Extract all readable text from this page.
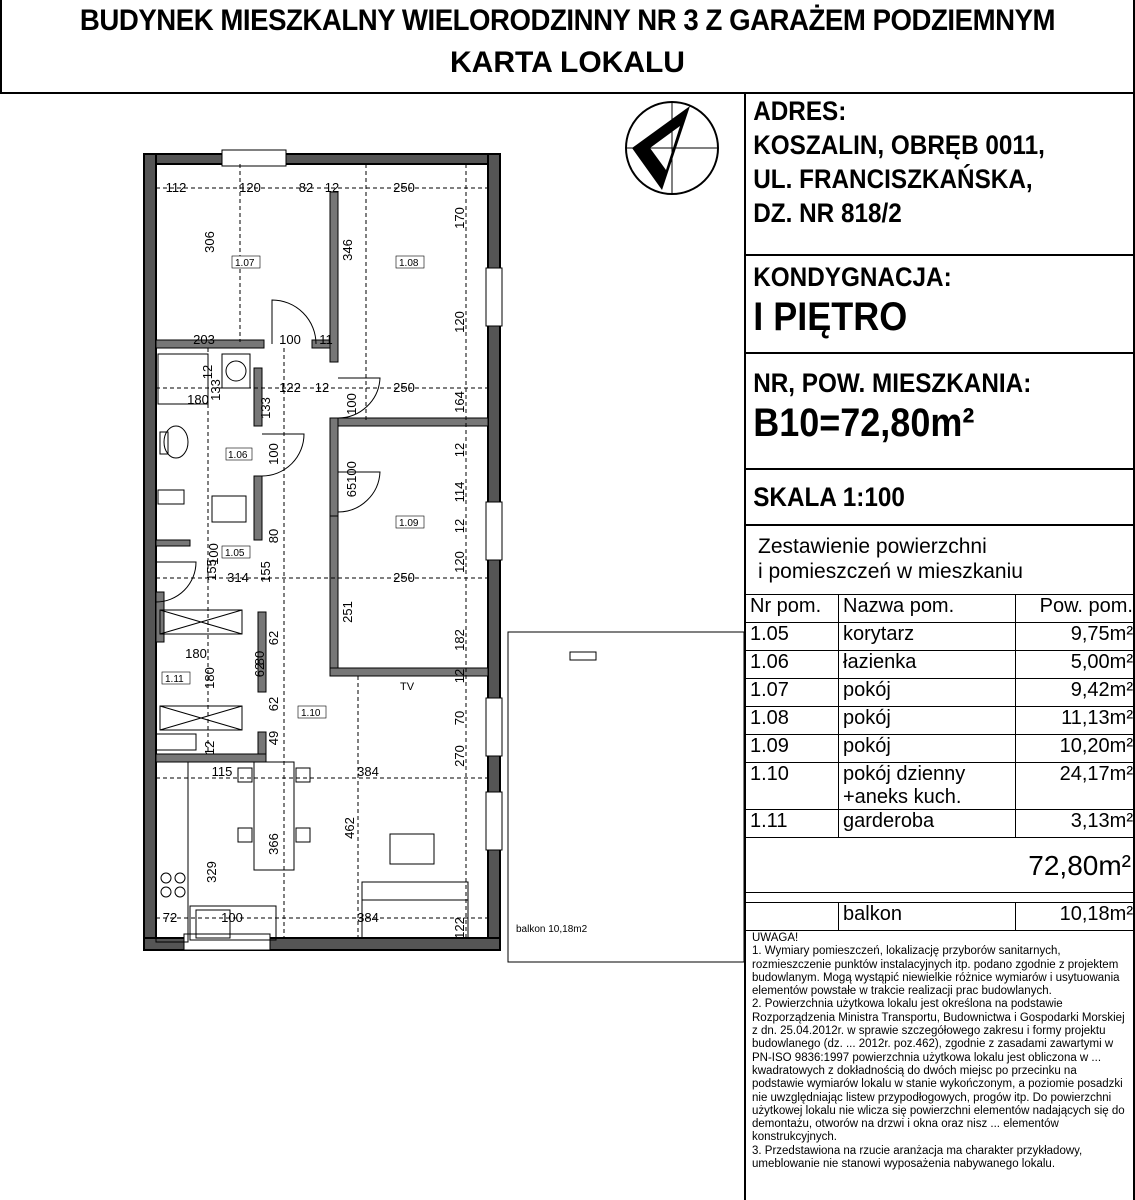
BUDYNEK MIESZKALNY WIELORODZINNY NR 3 Z GARAŻEM PODZIEMNYM
KARTA LOKALU
1.07	1.08
1.06
1.09
1.05
1.11
1.10
TV
balkon 10,18m2
112	120	82 12	250
306	346
170
120
203	100 11
12
180 133
133
122 12	250
164
100
12
100
100
65	114
12
120
80
100
155 314 155	250
251
182
12
62
180
180
80
62
49
12
70
115	384
270
329
366
462
72	100	384	122
62
ADRES:
KOSZALIN, OBRĘB 0011,
UL. FRANCISZKAŃSKA,
DZ. NR 818/2
KONDYGNACJA:
I PIĘTRO
NR, POW. MIESZKANIA:
B10=72,80m²
SKALA 1:100
Zestawienie powierzchni
i pomieszczeń w mieszkaniu
Nr pom.	Nazwa pom.	Pow. pom.
1.05	korytarz	9,75m²
1.06	łazienka	5,00m²
1.07	pokój	9,42m²
1.08	pokój	11,13m²
1.09	pokój	10,20m²
1.10	pokój dzienny
+aneks kuch.	24,17m²
1.11	garderoba	3,13m²
72,80m²
	balkon	10,18m²
UWAGA!
1. Wymiary pomieszczeń, lokalizację przyborów sanitarnych, rozmieszczenie punktów instalacyjnych itp. podano zgodnie z projektem budowlanym. Mogą wystąpić niewielkie różnice wymiarów i usytuowania elementów powstałe w trakcie realizacji prac budowlanych.
2. Powierzchnia użytkowa lokalu jest określona na podstawie Rozporządzenia Ministra Transportu, Budownictwa i Gospodarki Morskiej z dn. 25.04.2012r. w sprawie szczegółowego zakresu i formy projektu budowlanego (dz. ... 2012r. poz.462), zgodnie z zasadami zawartymi w PN-ISO 9836:1997 powierzchnia użytkowa lokalu jest obliczona w ... kwadratowych z dokładnością do dwóch miejsc po przecinku na podstawie wymiarów lokalu w stanie wykończonym, a poziomie posadzki nie uwzględniając listew przypodłogowych, progów itp. Do powierzchni użytkowej lokalu nie wlicza się powierzchni elementów nadających się do demontażu, otworów na drzwi i okna oraz nisz ... elementów konstrukcyjnych.
3. Przedstawiona na rzucie aranżacja ma charakter przykładowy, umeblowanie nie stanowi wyposażenia nabywanego lokalu.
